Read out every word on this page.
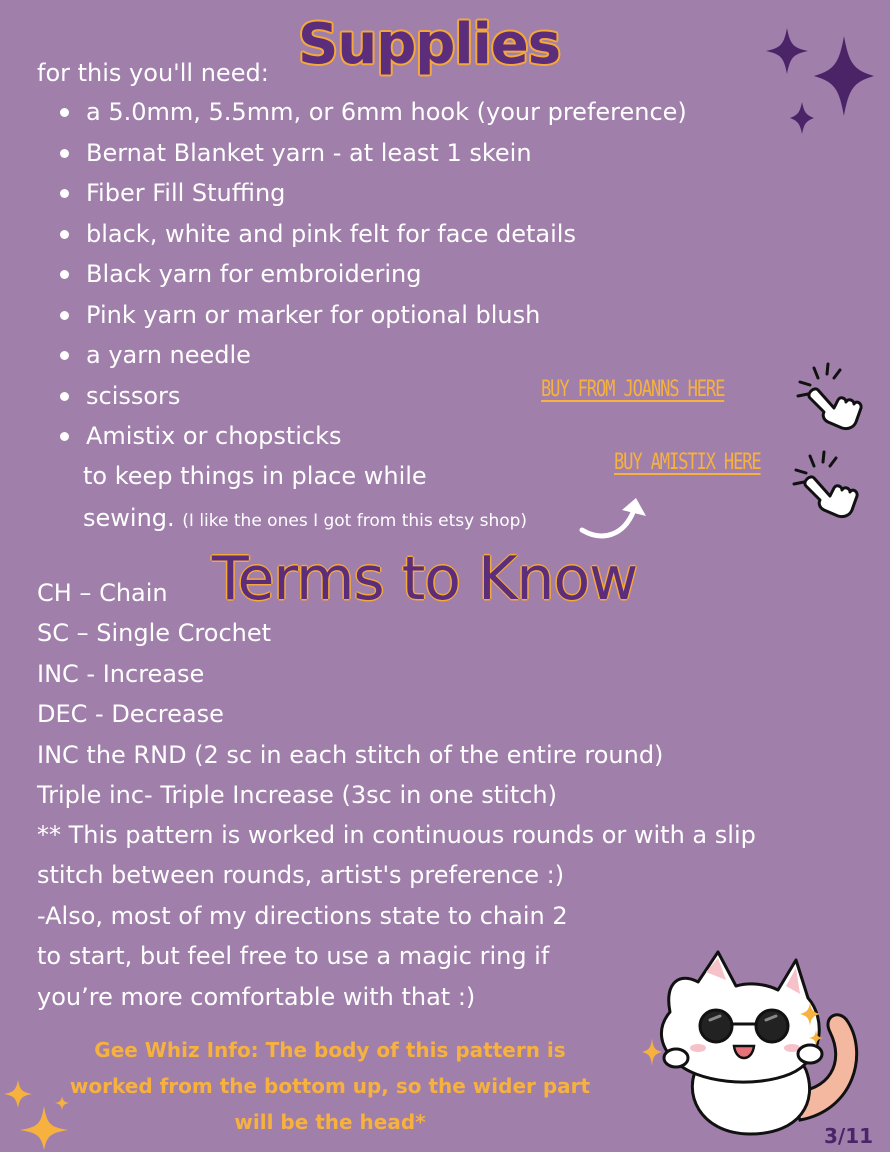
Supplies
for this you'll need:
a 5.0mm, 5.5mm, or 6mm hook (your preference)
Bernat Blanket yarn - at least 1 skein
Fiber Fill Stuffing
black, white and pink felt for face details
Black yarn for embroidering
Pink yarn or marker for optional blush
a yarn needle
scissors
Amistix or chopsticks
to keep things in place while
sewing. (I like the ones I got from this etsy shop)
BUY FROM JOANNS HERE
BUY AMISTIX HERE
Terms to Know
CH – Chain
SC – Single Crochet
INC - Increase
DEC - Decrease
INC the RND (2 sc in each stitch of the entire round)
Triple inc- Triple Increase (3sc in one stitch)
** This pattern is worked in continuous rounds or with a slip
stitch between rounds, artist's preference :)
-Also, most of my directions state to chain 2
to start, but feel free to use a magic ring if
you’re more comfortable with that :)
Gee Whiz Info: The body of this pattern is
worked from the bottom up, so the wider part
will be the head*
3/11
